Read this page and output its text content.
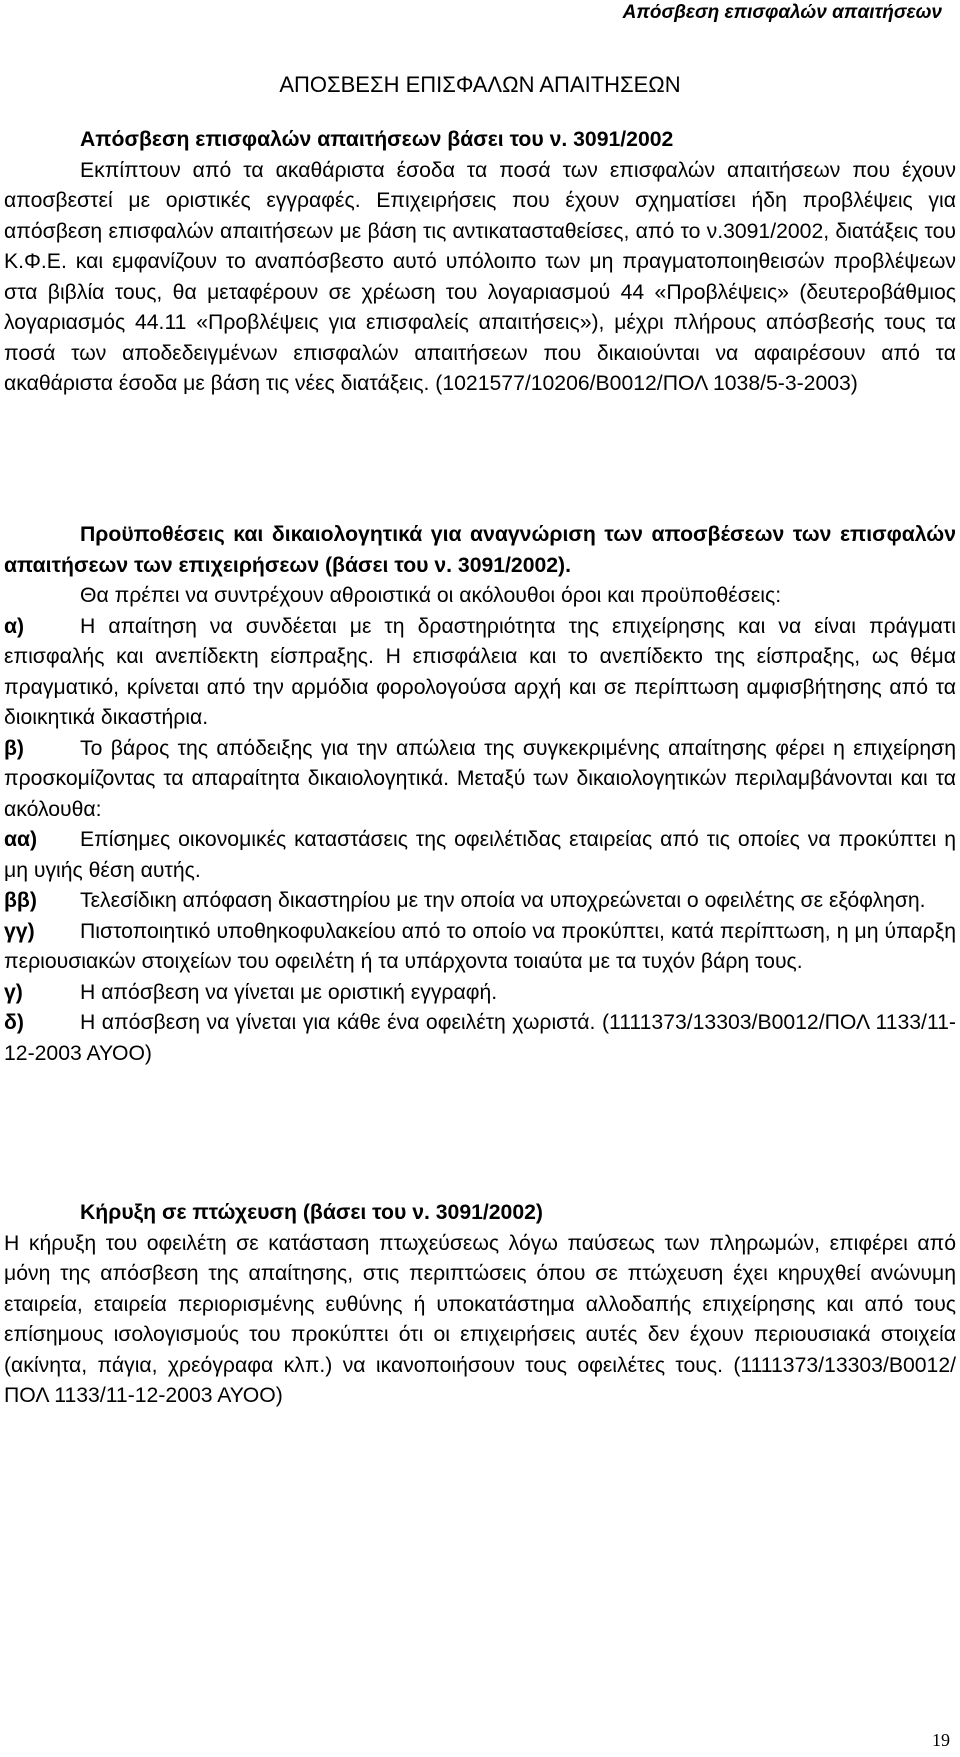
Απόσβεση επισφαλών απαιτήσεων
ΑΠΟΣΒΕΣΗ ΕΠΙΣΦΑΛΩΝ ΑΠΑΙΤΗΣΕΩΝ

Απόσβεση επισφαλών απαιτήσεων βάσει του ν. 3091/2002

Εκπίπτουν από τα ακαθάριστα έσοδα τα ποσά των επισφαλών απαιτήσεων που έχουν αποσβεστεί με οριστικές εγγραφές. Επιχειρήσεις που έχουν σχηματίσει ήδη προβλέψεις για απόσβεση επισφαλών απαιτήσεων με βάση τις αντικατασταθείσες, από το ν.3091/2002, διατάξεις του Κ.Φ.Ε. και εμφανίζουν το αναπόσβεστο αυτό υπόλοιπο των μη πραγματοποιηθεισών προβλέψεων στα βιβλία τους, θα μεταφέρουν σε χρέωση του λογαριασμού 44 «Προβλέψεις» (δευτεροβάθμιος λογαριασμός 44.11 «Προβλέψεις για επισφαλείς απαιτήσεις»), μέχρι πλήρους απόσβεσής τους τα ποσά των αποδεδειγμένων επισφαλών απαιτήσεων που δικαιούνται να αφαιρέσουν από τα ακαθάριστα έσοδα με βάση τις νέες διατάξεις. (1021577/10206/Β0012/ΠΟΛ 1038/5-3-2003)

Προϋποθέσεις και δικαιολογητικά για αναγνώριση των αποσβέσεων των επισφαλών απαιτήσεων των επιχειρήσεων (βάσει του ν. 3091/2002).

Θα πρέπει να συντρέχουν αθροιστικά οι ακόλουθοι όροι και προϋποθέσεις:

α)	Η απαίτηση να συνδέεται με τη δραστηριότητα της επιχείρησης και να είναι πράγματι επισφαλής και ανεπίδεκτη είσπραξης. Η επισφάλεια και το ανεπίδεκτο της είσπραξης, ως θέμα πραγματικό, κρίνεται από την αρμόδια φορολογούσα αρχή και σε περίπτωση αμφισβήτησης από τα διοικητικά δικαστήρια.

β)	Το βάρος της απόδειξης για την απώλεια της συγκεκριμένης απαίτησης φέρει η επιχείρηση προσκομίζοντας τα απαραίτητα δικαιολογητικά. Μεταξύ των δικαιολογητικών περιλαμβάνονται και τα ακόλουθα:

αα) Επίσημες οικονομικές καταστάσεις της οφειλέτιδας εταιρείας από τις οποίες να προκύπτει η μη υγιής θέση αυτής.

ββ) Τελεσίδικη απόφαση δικαστηρίου με την οποία να υποχρεώνεται ο οφειλέτης σε εξόφληση.

γγ) Πιστοποιητικό υποθηκοφυλακείου από το οποίο να προκύπτει, κατά περίπτωση, η μη ύπαρξη περιουσιακών στοιχείων του οφειλέτη ή τα υπάρχοντα τοιαύτα με τα τυχόν βάρη τους.

γ)	Η απόσβεση να γίνεται με οριστική εγγραφή.

δ)	Η απόσβεση να γίνεται για κάθε ένα οφειλέτη χωριστά. (1111373/13303/Β0012/ΠΟΛ 1133/11-12-2003 ΑΥΟΟ)

Κήρυξη σε πτώχευση (βάσει του ν. 3091/2002)

Η κήρυξη του οφειλέτη σε κατάσταση πτωχεύσεως λόγω παύσεως των πληρωμών, επιφέρει από μόνη της απόσβεση της απαίτησης, στις περιπτώσεις όπου σε πτώχευση έχει κηρυχθεί ανώνυμη εταιρεία, εταιρεία περιορισμένης ευθύνης ή υποκατάστημα αλλοδαπής επιχείρησης και από τους επίσημους ισολογισμούς του προκύπτει ότι οι επιχειρήσεις αυτές δεν έχουν περιουσιακά στοιχεία (ακίνητα, πάγια, χρεόγραφα κλπ.) να ικανοποιήσουν τους οφειλέτες τους. (1111373/13303/Β0012/ΠΟΛ 1133/11-12-2003 ΑΥΟΟ)

19
